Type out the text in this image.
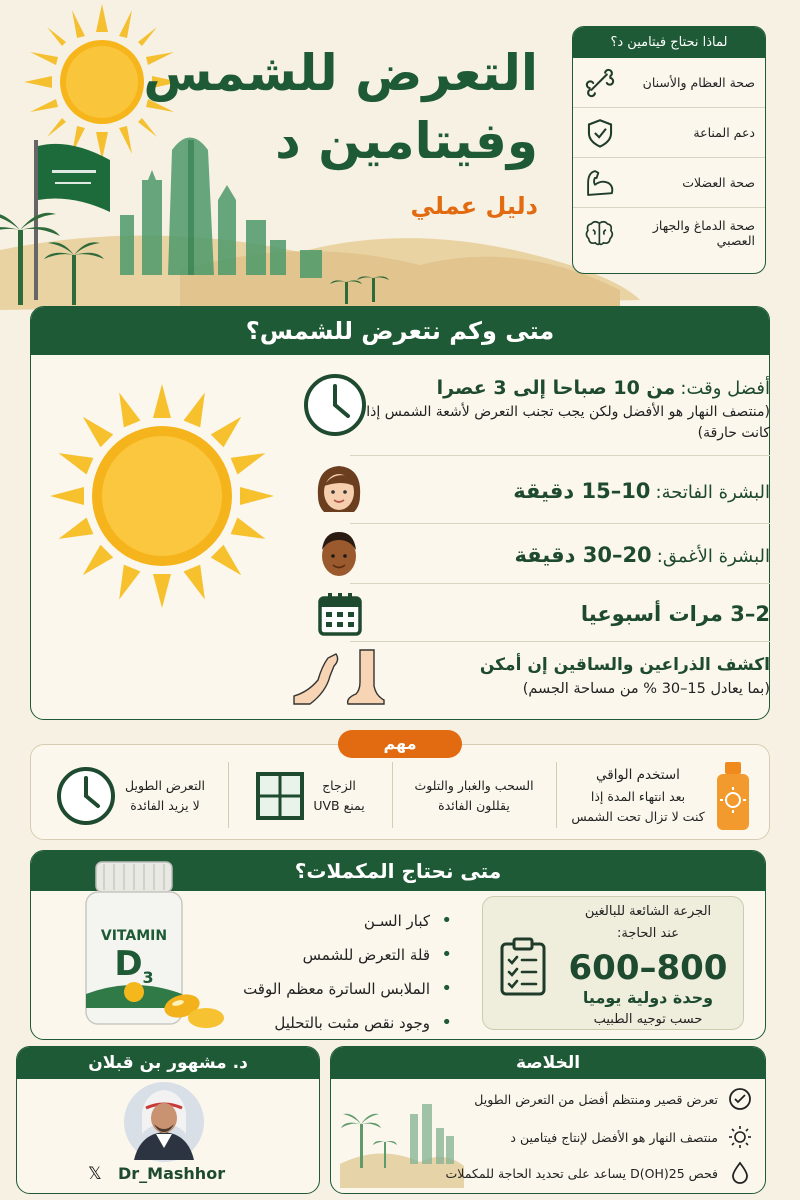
التعرض للشمس
وفيتامين د
دليل عملي
لماذا نحتاج فيتامين د؟
صحة العظام والأسنان
دعم المناعة
صحة العضلات
صحة الدماغ والجهاز العصبي
متى وكم نتعرض للشمس؟
أفضل وقت: من 10 صباحا إلى 3 عصرا
(منتصف النهار هو الأفضل ولكن يجب تجنب التعرض لأشعة الشمس إذا كانت حارقة)
البشرة الفاتحة: 10–15 دقيقة
البشرة الأغمق: 20–30 دقيقة
2–3 مرات أسبوعيا
اكشف الذراعين والساقين إن أمكن
(بما يعادل 15–30 % من مساحة الجسم)
مهم
استخدم الواقي
بعد انتهاء المدة إذا
كنت لا تزال تحت الشمس
السحب والغبار والتلوث
يقللون الفائدة
الزجاج
يمنع UVB
التعرض الطويل
لا يزيد الفائدة
متى نحتاج المكملات؟
VITAMIN
$D_3$
• كبار السـن
• قلة التعرض للشمس
• الملابس الساترة معظم الوقت
• وجود نقص مثبت بالتحليل
الجرعة الشائعة للبالغين
عند الحاجة:
600–800
وحدة دولية يوميا
حسب توجيه الطبيب
د. مشهور بن قبلان
𝕏 Dr_Mashhor
الخلاصة
تعرض قصير ومنتظم أفضل من التعرض الطويل
منتصف النهار هو الأفضل لإنتاج فيتامين د
فحص 25(OH)D يساعد على تحديد الحاجة للمكملات
